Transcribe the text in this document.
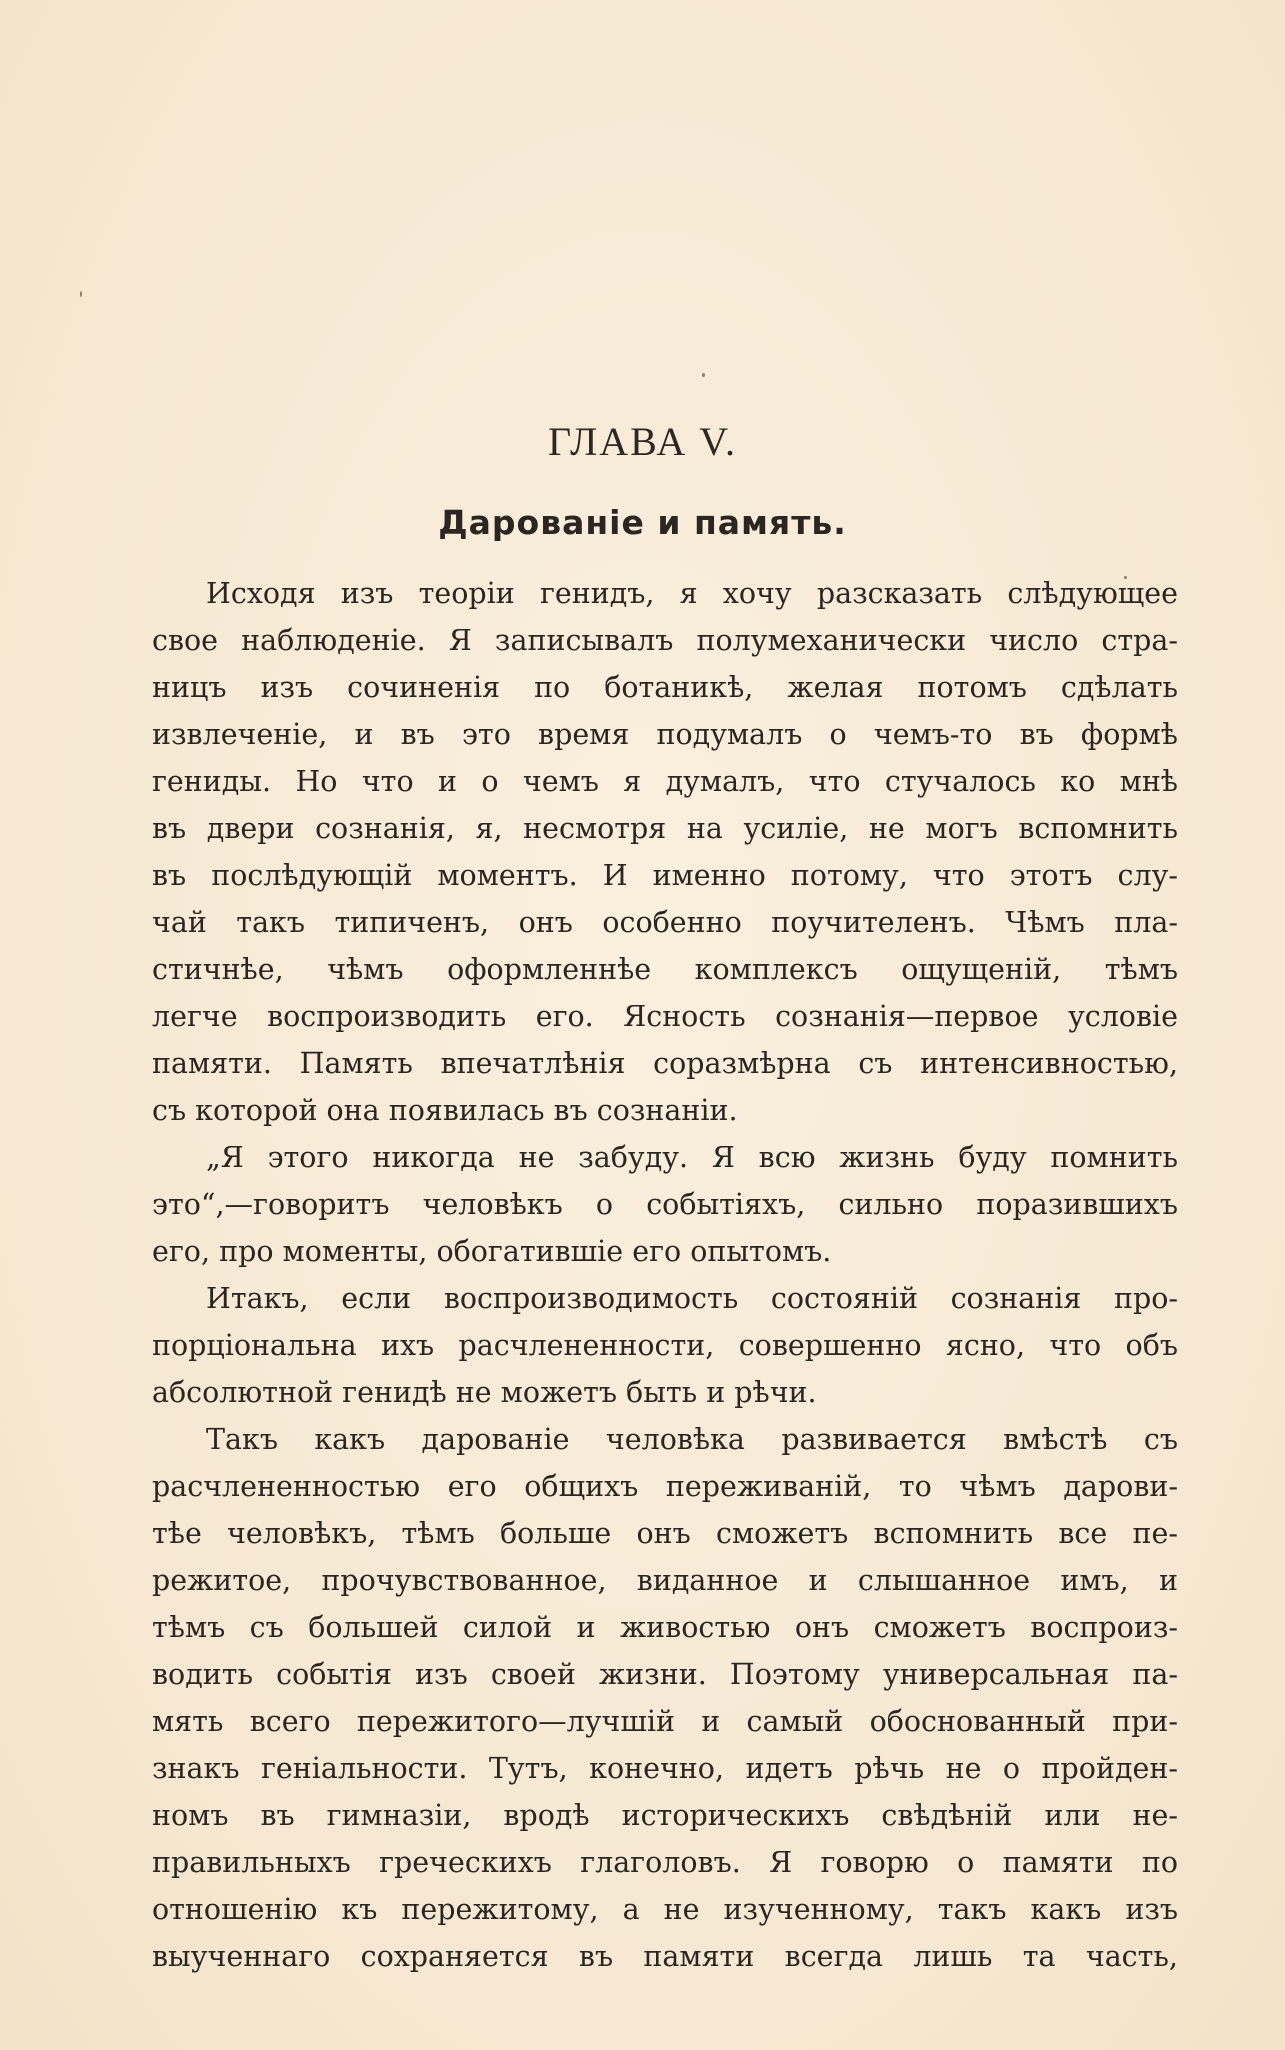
ГЛАВА V.
Дарованіе и память.
Исходя изъ теоріи генидъ, я хочу разсказать слѣдующее
свое наблюденіе. Я записывалъ полумеханически число стра-
ницъ изъ сочиненія по ботаникѣ, желая потомъ сдѣлать
извлеченіе, и въ это время подумалъ о чемъ-то въ формѣ
гениды. Но что и о чемъ я думалъ, что стучалось ко мнѣ
въ двери сознанія, я, несмотря на усиліе, не могъ вспомнить
въ послѣдующій моментъ. И именно потому, что этотъ слу-
чай такъ типиченъ, онъ особенно поучителенъ. Чѣмъ пла-
стичнѣе, чѣмъ оформленнѣе комплексъ ощущеній, тѣмъ
легче воспроизводить его. Ясность сознанія—первое условіе
памяти. Память впечатлѣнія соразмѣрна съ интенсивностью,
съ которой она появилась въ сознаніи.
„Я этого никогда не забуду. Я всю жизнь буду помнить
это“,—говоритъ человѣкъ о событіяхъ, сильно поразившихъ
его, про моменты, обогатившіе его опытомъ.
Итакъ, если воспроизводимость состояній сознанія про-
порціональна ихъ расчлененности, совершенно ясно, что объ
абсолютной генидѣ не можетъ быть и рѣчи.
Такъ какъ дарованіе человѣка развивается вмѣстѣ съ
расчлененностью его общихъ переживаній, то чѣмъ дарови-
тѣе человѣкъ, тѣмъ больше онъ сможетъ вспомнить все пе-
режитое, прочувствованное, виданное и слышанное имъ, и
тѣмъ съ большей силой и живостью онъ сможетъ воспроиз-
водить событія изъ своей жизни. Поэтому универсальная па-
мять всего пережитого—лучшій и самый обоснованный при-
знакъ геніальности. Тутъ, конечно, идетъ рѣчь не о пройден-
номъ въ гимназіи, вродѣ историческихъ свѣдѣній или не-
правильныхъ греческихъ глаголовъ. Я говорю о памяти по
отношенію къ пережитому, а не изученному, такъ какъ изъ
выученнаго сохраняется въ памяти всегда лишь та часть,
